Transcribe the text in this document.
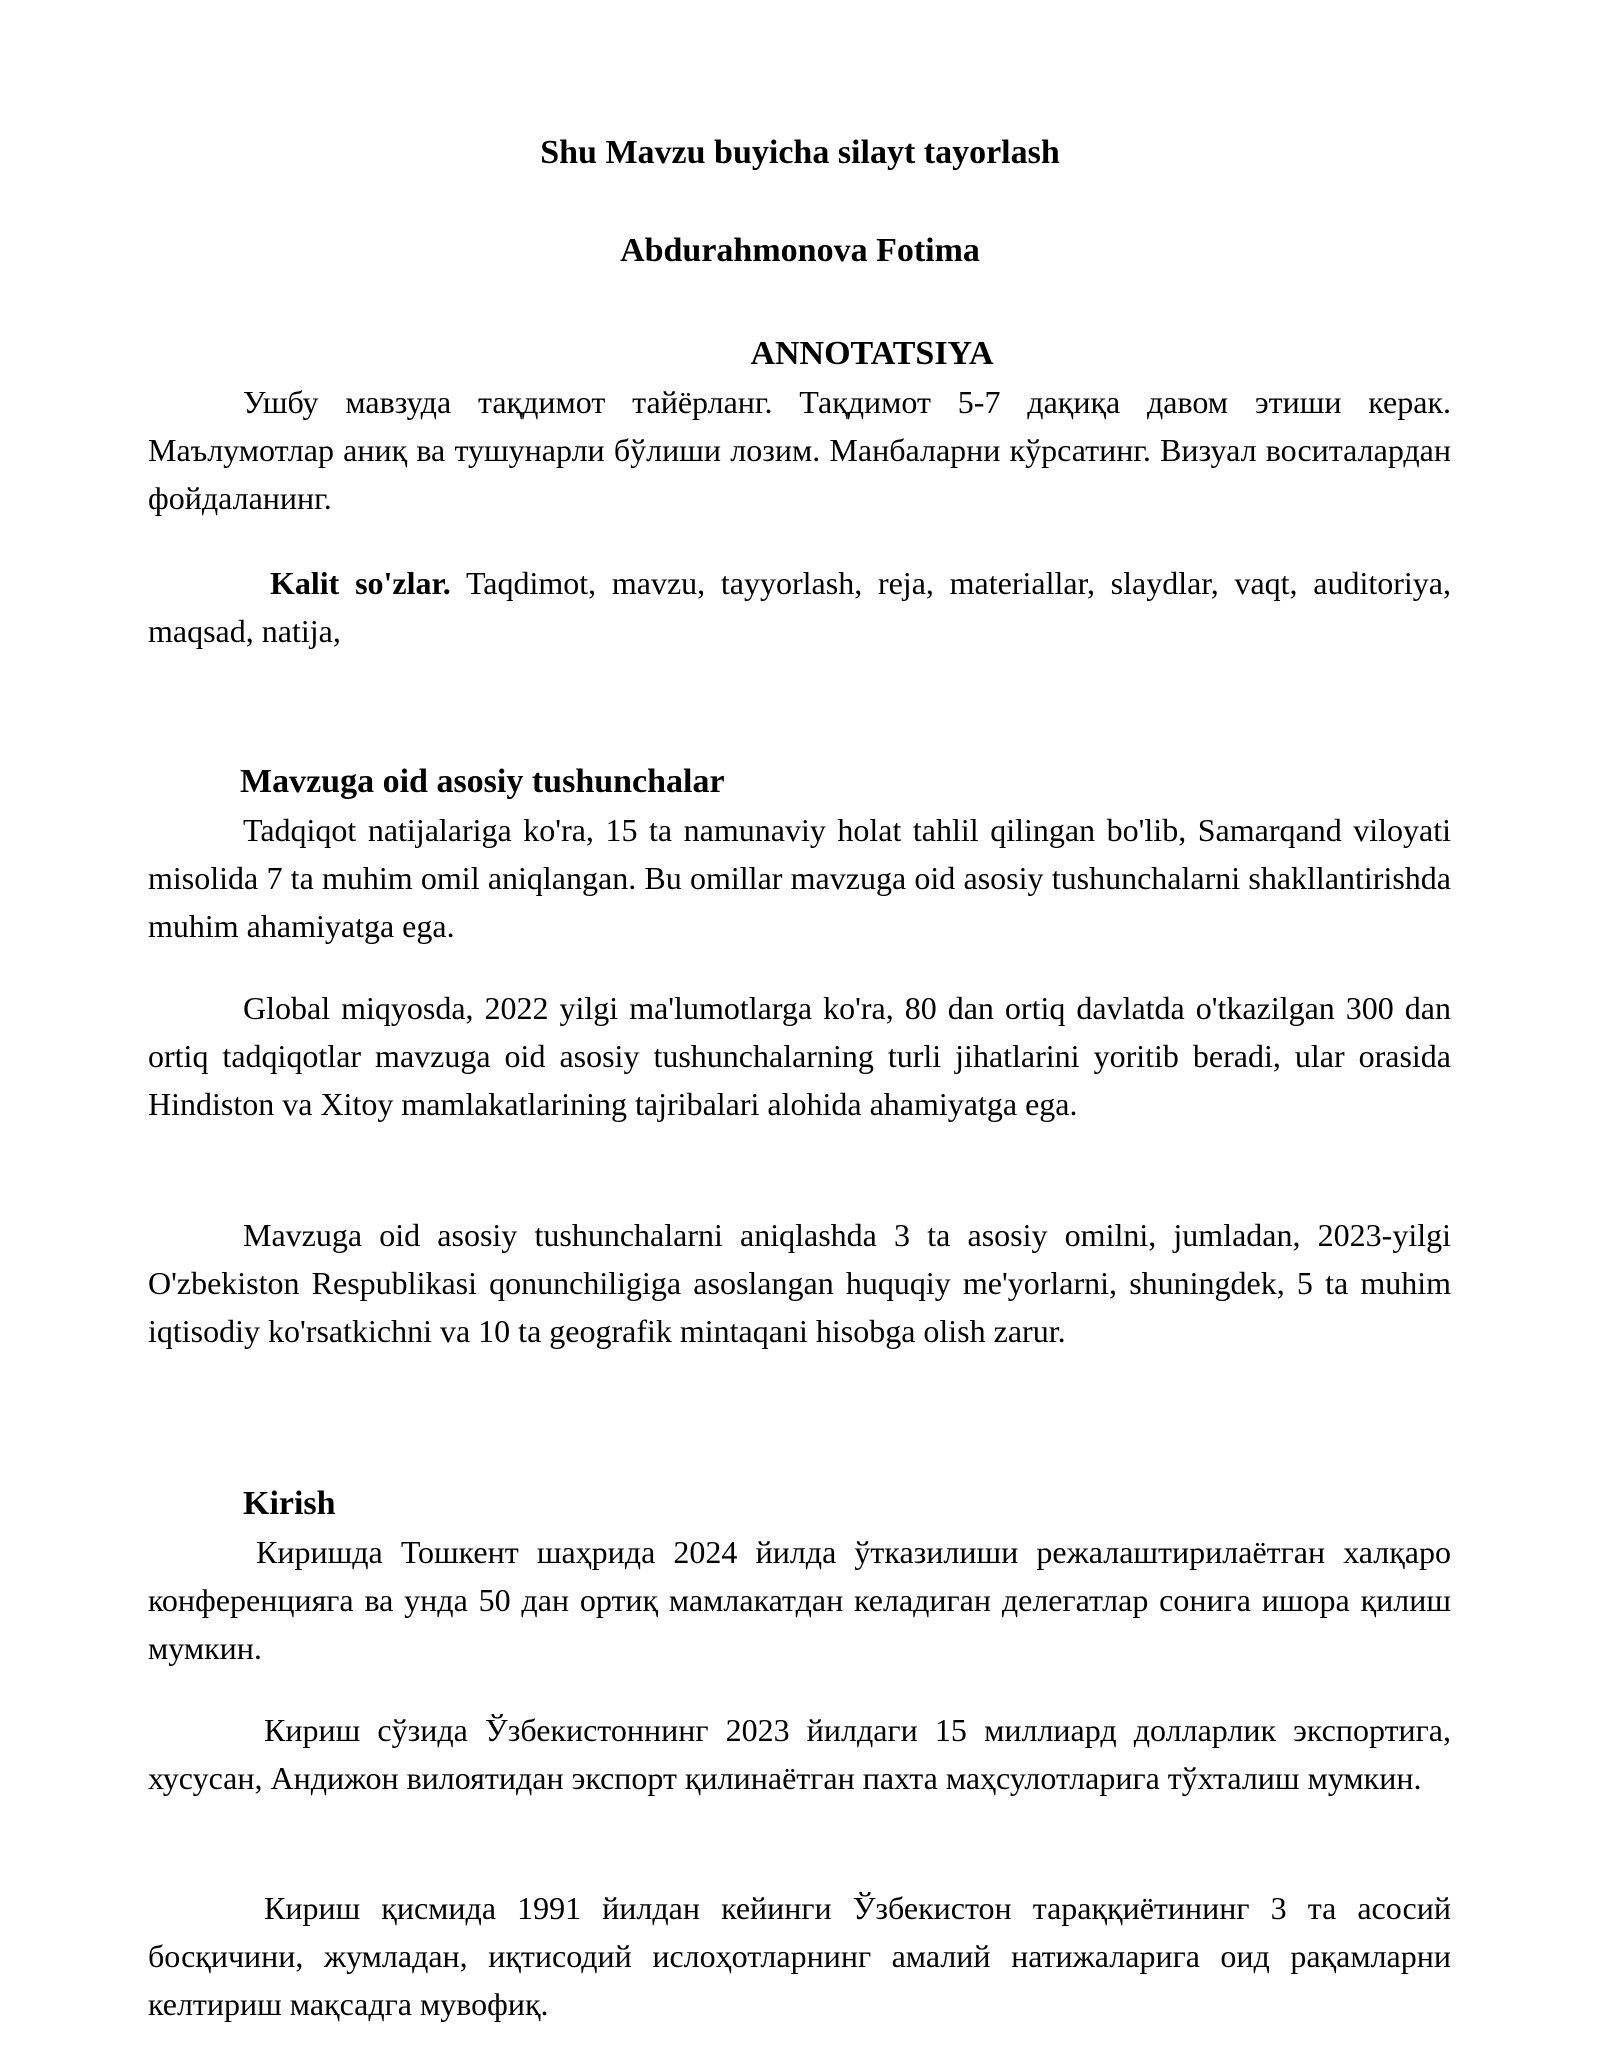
Shu Mavzu buyicha silayt tayorlash
Abdurahmonova Fotima
ANNOTATSIYA

Ушбу мавзуда тақдимот тайёрланг. Тақдимот 5-7 дақиқа давом этиши керак. Маълумотлар аниқ ва тушунарли бўлиши лозим. Манбаларни кўрсатинг. Визуал воситалардан фойдаланинг.

Kalit so'zlar. Taqdimot, mavzu, tayyorlash, reja, materiallar, slaydlar, vaqt, auditoriya, maqsad, natija,

Mavzuga oid asosiy tushunchalar

Tadqiqot natijalariga ko'ra, 15 ta namunaviy holat tahlil qilingan bo'lib, Samarqand viloyati misolida 7 ta muhim omil aniqlangan. Bu omillar mavzuga oid asosiy tushunchalarni shakllantirishda muhim ahamiyatga ega.

Global miqyosda, 2022 yilgi ma'lumotlarga ko'ra, 80 dan ortiq davlatda o'tkazilgan 300 dan ortiq tadqiqotlar mavzuga oid asosiy tushunchalarning turli jihatlarini yoritib beradi, ular orasida Hindiston va Xitoy mamlakatlarining tajribalari alohida ahamiyatga ega.

Mavzuga oid asosiy tushunchalarni aniqlashda 3 ta asosiy omilni, jumladan, 2023-yilgi O'zbekiston Respublikasi qonunchiligiga asoslangan huquqiy me'yorlarni, shuningdek, 5 ta muhim iqtisodiy ko'rsatkichni va 10 ta geografik mintaqani hisobga olish zarur.

Kirish

Киришда Тошкент шаҳрида 2024 йилда ўтказилиши режалаштирилаётган халқаро конференцияга ва унда 50 дан ортиқ мамлакатдан келадиган делегатлар сонига ишора қилиш мумкин.

Кириш сўзида Ўзбекистоннинг 2023 йилдаги 15 миллиард долларлик экспортига, хусусан, Андижон вилоятидан экспорт қилинаётган пахта маҳсулотларига тўхталиш мумкин.

Кириш қисмида 1991 йилдан кейинги Ўзбекистон тараққиётининг 3 та асосий босқичини, жумладан, иқтисодий ислоҳотларнинг амалий натижаларига оид рақамларни келтириш мақсадга мувофиқ.
